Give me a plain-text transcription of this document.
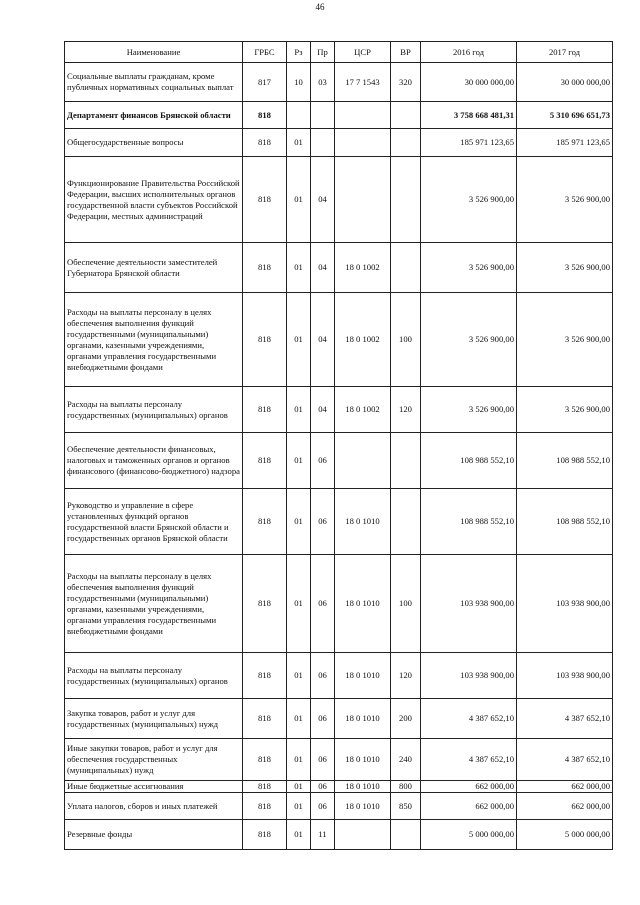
46
Наименование	ГРБС	Рз	Пр	ЦСР	ВР	2016 год	2017 год
Социальные выплаты гражданам, кроме публичных нормативных социальных выплат	817	10	03	17 7 1543	320	30 000 000,00	30 000 000,00
Департамент финансов Брянской области	818					3 758 668 481,31	5 310 696 651,73
Общегосударственные вопросы	818	01				185 971 123,65	185 971 123,65
Функционирование Правительства Российской Федерации, высших исполнительных органов государственной власти субъектов Российской Федерации, местных администраций	818	01	04			3 526 900,00	3 526 900,00
Обеспечение деятельности заместителей Губернатора Брянской области	818	01	04	18 0 1002		3 526 900,00	3 526 900,00
Расходы на выплаты персоналу в целях обеспечения выполнения функций государственными (муниципальными) органами, казенными учреждениями, органами управления государственными внебюджетными фондами	818	01	04	18 0 1002	100	3 526 900,00	3 526 900,00
Расходы на выплаты персоналу государственных (муниципальных) органов	818	01	04	18 0 1002	120	3 526 900,00	3 526 900,00
Обеспечение деятельности финансовых, налоговых и таможенных органов и органов финансового (финансово-бюджетного) надзора	818	01	06			108 988 552,10	108 988 552,10
Руководство и управление в сфере установленных функций органов государственной власти Брянской области и государственных органов Брянской области	818	01	06	18 0 1010		108 988 552,10	108 988 552,10
Расходы на выплаты персоналу в целях обеспечения выполнения функций государственными (муниципальными) органами, казенными учреждениями, органами управления государственными внебюджетными фондами	818	01	06	18 0 1010	100	103 938 900,00	103 938 900,00
Расходы на выплаты персоналу государственных (муниципальных) органов	818	01	06	18 0 1010	120	103 938 900,00	103 938 900,00
Закупка товаров, работ и услуг для государственных (муниципальных) нужд	818	01	06	18 0 1010	200	4 387 652,10	4 387 652,10
Иные закупки товаров, работ и услуг для обеспечения государственных (муниципальных) нужд	818	01	06	18 0 1010	240	4 387 652,10	4 387 652,10
Иные бюджетные ассигнования	818	01	06	18 0 1010	800	662 000,00	662 000,00
Уплата налогов, сборов и иных платежей	818	01	06	18 0 1010	850	662 000,00	662 000,00
Резервные фонды	818	01	11			5 000 000,00	5 000 000,00
